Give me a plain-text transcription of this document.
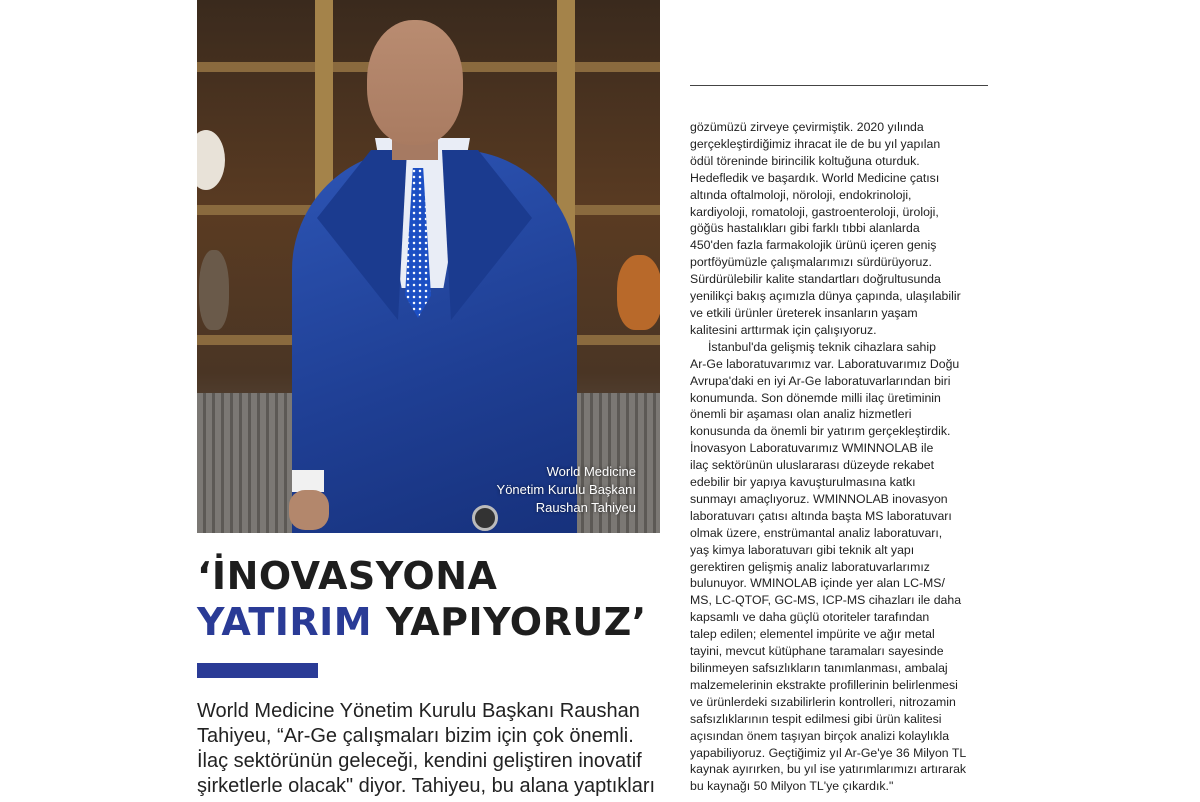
World Medicine
Yönetim Kurulu Başkanı
Raushan Tahiyeu
‘İNOVASYONA
YATIRIM YAPIYORUZ’
World Medicine Yönetim Kurulu Başkanı Raushan
Tahiyeu, “Ar-Ge çalışmaları bizim için çok önemli.
İlaç sektörünün geleceği, kendini geliştiren inovatif
şirketlerle olacak" diyor. Tahiyeu, bu alana yaptıkları
gözümüzü zirveye çevirmiştik. 2020 yılında
gerçekleştirdiğimiz ihracat ile de bu yıl yapılan
ödül töreninde birincilik koltuğuna oturduk.
Hedefledik ve başardık. World Medicine çatısı
altında oftalmoloji, nöroloji, endokrinoloji,
kardiyoloji, romatoloji, gastroenteroloji, üroloji,
göğüs hastalıkları gibi farklı tıbbi alanlarda
450'den fazla farmakolojik ürünü içeren geniş
portföyümüzle çalışmalarımızı sürdürüyoruz.
Sürdürülebilir kalite standartları doğrultusunda
yenilikçi bakış açımızla dünya çapında, ulaşılabilir
ve etkili ürünler üreterek insanların yaşam
kalitesini arttırmak için çalışıyoruz.
İstanbul'da gelişmiş teknik cihazlara sahip
Ar-Ge laboratuvarımız var. Laboratuvarımız Doğu
Avrupa'daki en iyi Ar-Ge laboratuvarlarından biri
konumunda. Son dönemde milli ilaç üretiminin
önemli bir aşaması olan analiz hizmetleri
konusunda da önemli bir yatırım gerçekleştirdik.
İnovasyon Laboratuvarımız WMINNOLAB ile
ilaç sektörünün uluslararası düzeyde rekabet
edebilir bir yapıya kavuşturulmasına katkı
sunmayı amaçlıyoruz. WMINNOLAB inovasyon
laboratuvarı çatısı altında başta MS laboratuvarı
olmak üzere, enstrümantal analiz laboratuvarı,
yaş kimya laboratuvarı gibi teknik alt yapı
gerektiren gelişmiş analiz laboratuvarlarımız
bulunuyor. WMINOLAB içinde yer alan LC-MS/
MS, LC-QTOF, GC-MS, ICP-MS cihazları ile daha
kapsamlı ve daha güçlü otoriteler tarafından
talep edilen; elementel impürite ve ağır metal
tayini, mevcut kütüphane taramaları sayesinde
bilinmeyen safsızlıkların tanımlanması, ambalaj
malzemelerinin ekstrakte profillerinin belirlenmesi
ve ürünlerdeki sızabilirlerin kontrolleri, nitrozamin
safsızlıklarının tespit edilmesi gibi ürün kalitesi
açısından önem taşıyan birçok analizi kolaylıkla
yapabiliyoruz. Geçtiğimiz yıl Ar-Ge'ye 36 Milyon TL
kaynak ayırırken, bu yıl ise yatırımlarımızı artırarak
bu kaynağı 50 Milyon TL'ye çıkardık."
